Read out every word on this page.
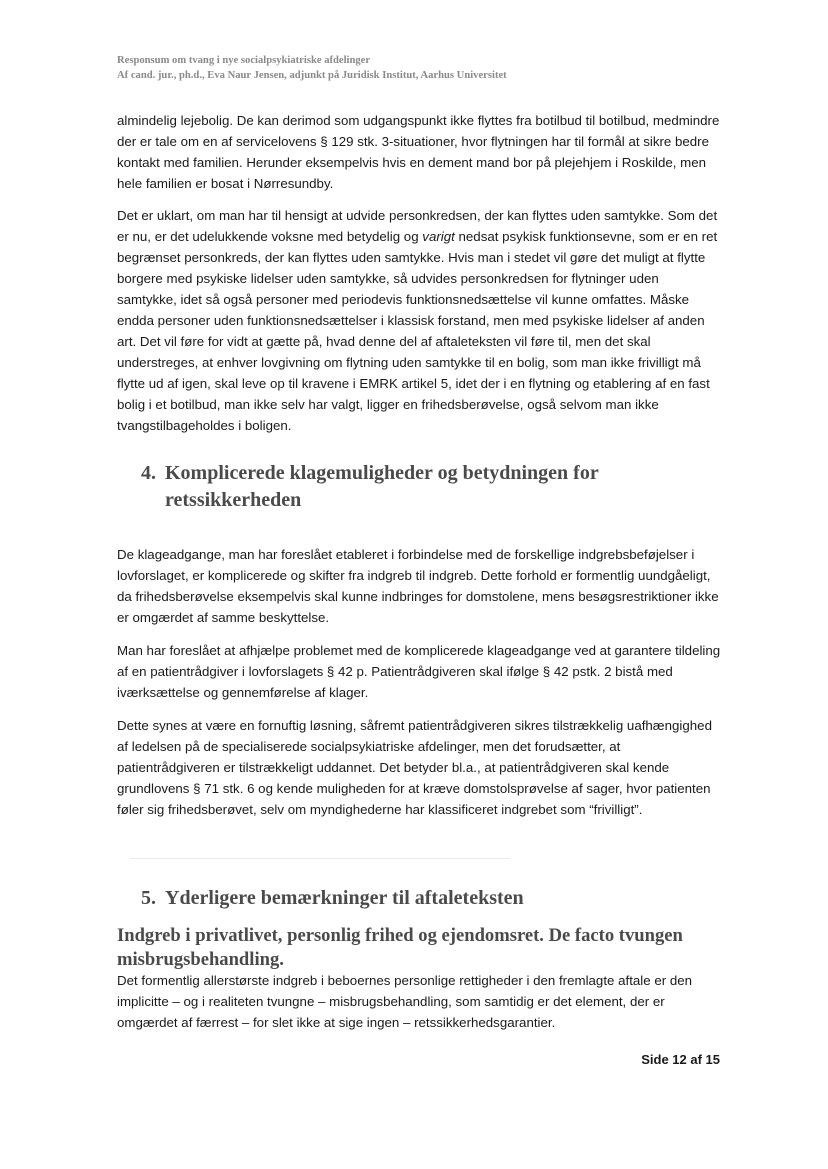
Responsum om tvang i nye socialpsykiatriske afdelinger
Af cand. jur., ph.d., Eva Naur Jensen, adjunkt på Juridisk Institut, Aarhus Universitet
almindelig lejebolig. De kan derimod som udgangspunkt ikke flyttes fra botilbud til botilbud, medmindre der er tale om en af servicelovens § 129 stk. 3-situationer, hvor flytningen har til formål at sikre bedre kontakt med familien. Herunder eksempelvis hvis en dement mand bor på plejehjem i Roskilde, men hele familien er bosat i Nørresundby.
Det er uklart, om man har til hensigt at udvide personkredsen, der kan flyttes uden samtykke. Som det er nu, er det udelukkende voksne med betydelig og varigt nedsat psykisk funktionsevne, som er en ret begrænset personkreds, der kan flyttes uden samtykke. Hvis man i stedet vil gøre det muligt at flytte borgere med psykiske lidelser uden samtykke, så udvides personkredsen for flytninger uden samtykke, idet så også personer med periodevis funktionsnedsættelse vil kunne omfattes. Måske endda personer uden funktionsnedsættelser i klassisk forstand, men med psykiske lidelser af anden art. Det vil føre for vidt at gætte på, hvad denne del af aftaleteksten vil føre til, men det skal understreges, at enhver lovgivning om flytning uden samtykke til en bolig, som man ikke frivilligt må flytte ud af igen, skal leve op til kravene i EMRK artikel 5, idet der i en flytning og etablering af en fast bolig i et botilbud, man ikke selv har valgt, ligger en frihedsberøvelse, også selvom man ikke tvangstilbageholdes i boligen.
4. Komplicerede klagemuligheder og betydningen for
retssikkerheden
De klageadgange, man har foreslået etableret i forbindelse med de forskellige indgrebsbeføjelser i lovforslaget, er komplicerede og skifter fra indgreb til indgreb. Dette forhold er formentlig uundgåeligt, da frihedsberøvelse eksempelvis skal kunne indbringes for domstolene, mens besøgsrestriktioner ikke er omgærdet af samme beskyttelse.
Man har foreslået at afhjælpe problemet med de komplicerede klageadgange ved at garantere tildeling af en patientrådgiver i lovforslagets § 42 p. Patientrådgiveren skal ifølge § 42 pstk. 2 bistå med iværksættelse og gennemførelse af klager.
Dette synes at være en fornuftig løsning, såfremt patientrådgiveren sikres tilstrækkelig uafhængighed af ledelsen på de specialiserede socialpsykiatriske afdelinger, men det forudsætter, at patientrådgiveren er tilstrækkeligt uddannet. Det betyder bl.a., at patientrådgiveren skal kende grundlovens § 71 stk. 6 og kende muligheden for at kræve domstolsprøvelse af sager, hvor patienten føler sig frihedsberøvet, selv om myndighederne har klassificeret indgrebet som “frivilligt”.
5. Yderligere bemærkninger til aftaleteksten
Indgreb i privatlivet, personlig frihed og ejendomsret. De facto tvungen misbrugsbehandling.
Det formentlig allerstørste indgreb i beboernes personlige rettigheder i den fremlagte aftale er den implicitte – og i realiteten tvungne – misbrugsbehandling, som samtidig er det element, der er omgærdet af færrest – for slet ikke at sige ingen – retssikkerhedsgarantier.
Side 12 af 15
